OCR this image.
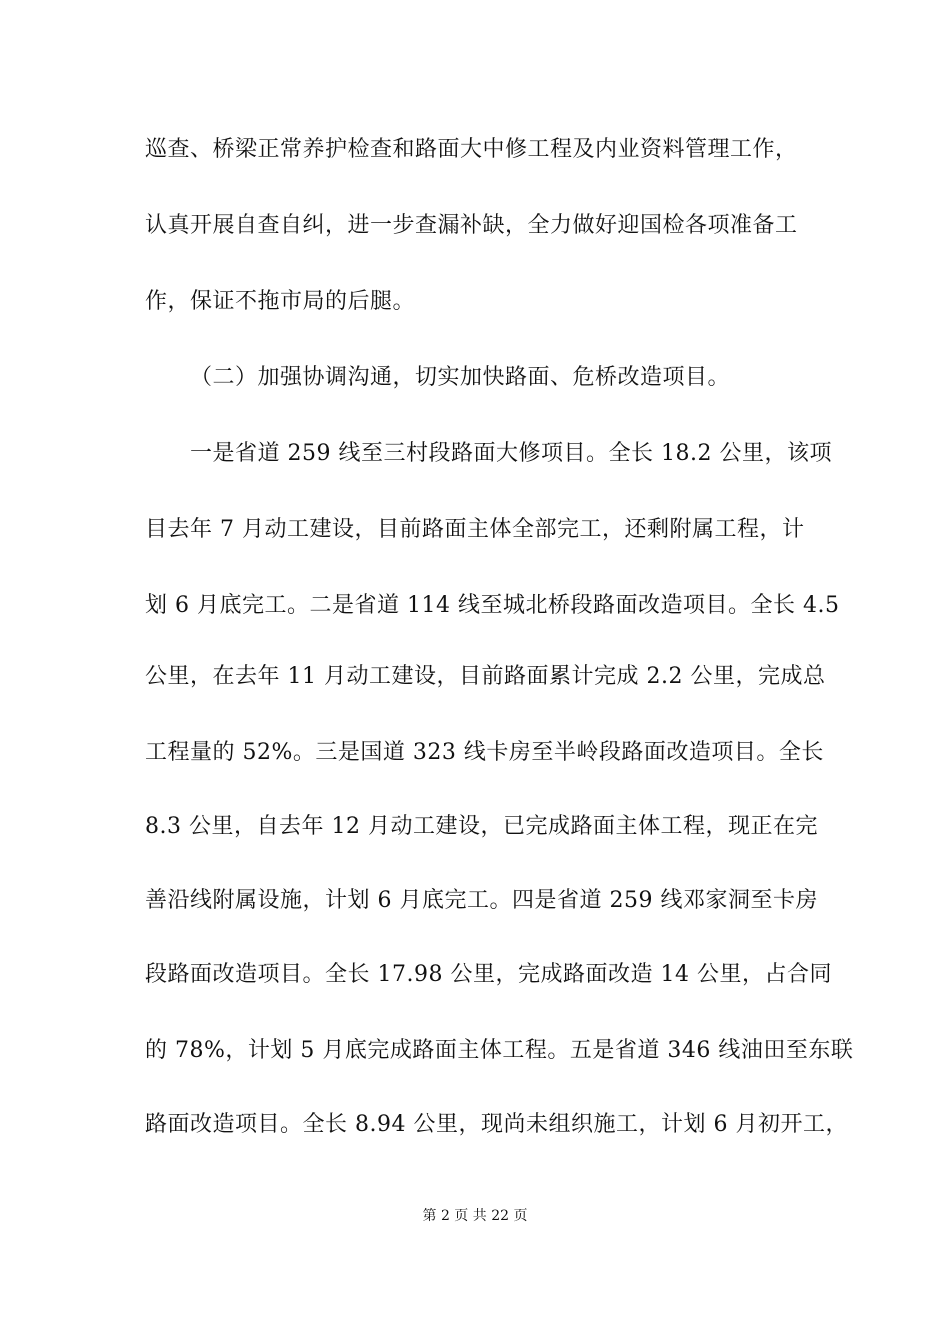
巡查、桥梁正常养护检查和路面大中修工程及内业资料管理工作，
认真开展自查自纠，进一步查漏补缺，全力做好迎国检各项准备工
作，保证不拖市局的后腿。
（二）加强协调沟通，切实加快路面、危桥改造项目。
一是省道 259 线至三村段路面大修项目。全长 18.2 公里，该项
目去年 7 月动工建设，目前路面主体全部完工，还剩附属工程，计
划 6 月底完工。二是省道 114 线至城北桥段路面改造项目。全长 4.5
公里，在去年 11 月动工建设，目前路面累计完成 2.2 公里，完成总
工程量的 52%。三是国道 323 线卡房至半岭段路面改造项目。全长
8.3 公里，自去年 12 月动工建设，已完成路面主体工程，现正在完
善沿线附属设施，计划 6 月底完工。四是省道 259 线邓家洞至卡房
段路面改造项目。全长 17.98 公里，完成路面改造 14 公里，占合同
的 78%，计划 5 月底完成路面主体工程。五是省道 346 线油田至东联
路面改造项目。全长 8.94 公里，现尚未组织施工，计划 6 月初开工，
第 2 页 共 22 页
